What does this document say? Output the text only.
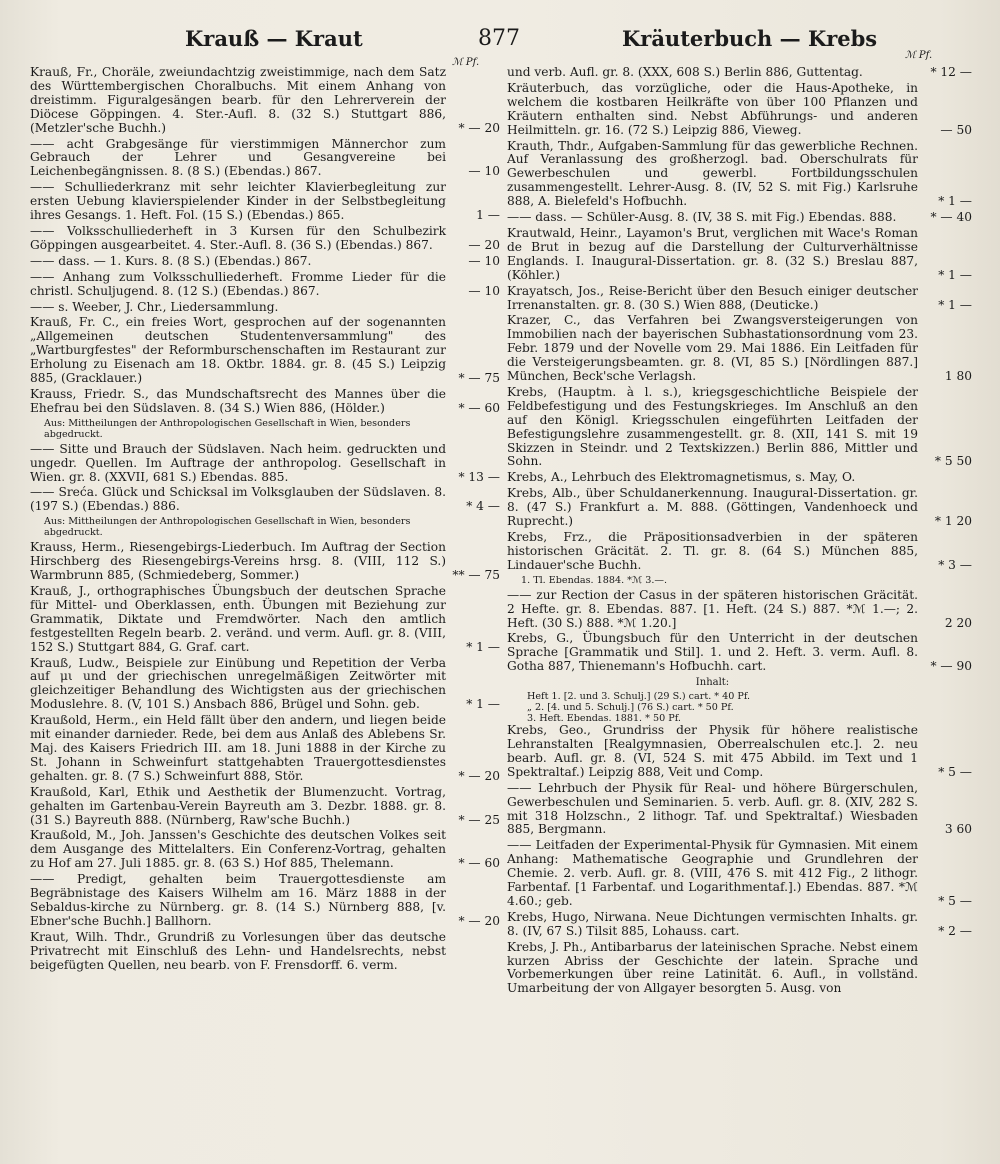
Krauß — Kraut	877	Kräuterbuch — Krebs
ℳ Pf.
ℳ Pf.
Krauß, Fr., Choräle, zweiundachtzig zweistimmige, nach dem Satz des Württembergischen Choralbuchs. Mit einem Anhang von dreistimm. Figuralgesängen bearb. für den Lehrerverein der Diöcese Göppingen. 4. Ster.-Aufl. 8. (32 S.) Stuttgart 886, (Metzler'sche Buchh.)	* — 20
—— acht Grabgesänge für vierstimmigen Männerchor zum Gebrauch der Lehrer und Gesangvereine bei Leichenbegängnissen. 8. (8 S.) (Ebendas.) 867.	— 10
—— Schulliederkranz mit sehr leichter Klavierbegleitung zur ersten Uebung klavierspielender Kinder in der Selbstbegleitung ihres Gesangs. 1. Heft. Fol. (15 S.) (Ebendas.) 865.	1 —
—— Volksschulliederheft in 3 Kursen für den Schulbezirk Göppingen ausgearbeitet. 4. Ster.-Aufl. 8. (36 S.) (Ebendas.) 867.	— 20
—— dass. — 1. Kurs. 8. (8 S.) (Ebendas.) 867.	— 10
—— Anhang zum Volksschulliederheft. Fromme Lieder für die christl. Schuljugend. 8. (12 S.) (Ebendas.) 867.	— 10
—— s. Weeber, J. Chr., Liedersammlung.
Krauß, Fr. C., ein freies Wort, gesprochen auf der sogenannten „Allgemeinen deutschen Studentenversammlung" des „Wartburgfestes" der Reformburschenschaften im Restaurant zur Erholung zu Eisenach am 18. Oktbr. 1884. gr. 8. (45 S.) Leipzig 885, (Gracklauer.)	* — 75
Krauss, Friedr. S., das Mundschaftsrecht des Mannes über die Ehefrau bei den Südslaven. 8. (34 S.) Wien 886, (Hölder.)	* — 60
Aus: Mittheilungen der Anthropologischen Gesellschaft in Wien, besonders abgedruckt.
—— Sitte und Brauch der Südslaven. Nach heim. gedruckten und ungedr. Quellen. Im Auftrage der anthropolog. Gesellschaft in Wien. gr. 8. (XXVII, 681 S.) Ebendas. 885.	* 13 —
—— Sreća. Glück und Schicksal im Volksglauben der Südslaven. 8. (197 S.) (Ebendas.) 886.	* 4 —
Aus: Mittheilungen der Anthropologischen Gesellschaft in Wien, besonders abgedruckt.
Krauss, Herm., Riesengebirgs-Liederbuch. Im Auftrag der Section Hirschberg des Riesengebirgs-Vereins hrsg. 8. (VIII, 112 S.) Warmbrunn 885, (Schmiedeberg, Sommer.)	** — 75
Krauß, J., orthographisches Übungsbuch der deutschen Sprache für Mittel- und Oberklassen, enth. Übungen mit Beziehung zur Grammatik, Diktate und Fremdwörter. Nach den amtlich festgestellten Regeln bearb. 2. veränd. und verm. Aufl. gr. 8. (VIII, 152 S.) Stuttgart 884, G. Graf. cart.	* 1 —
Krauß, Ludw., Beispiele zur Einübung und Repetition der Verba auf μι und der griechischen unregelmäßigen Zeitwörter mit gleichzeitiger Behandlung des Wichtigsten aus der griechischen Moduslehre. 8. (V, 101 S.) Ansbach 886, Brügel und Sohn. geb.	* 1 —
Kraußold, Herm., ein Held fällt über den andern, und liegen beide mit einander darnieder. Rede, bei dem aus Anlaß des Ablebens Sr. Maj. des Kaisers Friedrich III. am 18. Juni 1888 in der Kirche zu St. Johann in Schweinfurt stattgehabten Trauergottesdienstes gehalten. gr. 8. (7 S.) Schweinfurt 888, Stör.	* — 20
Kraußold, Karl, Ethik und Aesthetik der Blumenzucht. Vortrag, gehalten im Gartenbau-Verein Bayreuth am 3. Dezbr. 1888. gr. 8. (31 S.) Bayreuth 888. (Nürnberg, Raw'sche Buchh.)	* — 25
Kraußold, M., Joh. Janssen's Geschichte des deutschen Volkes seit dem Ausgange des Mittelalters. Ein Conferenz-Vortrag, gehalten zu Hof am 27. Juli 1885. gr. 8. (63 S.) Hof 885, Thelemann.	* — 60
—— Predigt, gehalten beim Trauergottesdienste am Begräbnistage des Kaisers Wilhelm am 16. März 1888 in der Sebaldus-kirche zu Nürnberg. gr. 8. (14 S.) Nürnberg 888, [v. Ebner'sche Buchh.] Ballhorn.	* — 20
Kraut, Wilh. Thdr., Grundriß zu Vorlesungen über das deutsche Privatrecht mit Einschluß des Lehn- und Handelsrechts, nebst beigefügten Quellen, neu bearb. von F. Frensdorff. 6. verm.
und verb. Aufl. gr. 8. (XXX, 608 S.) Berlin 886, Guttentag.	* 12 —
Kräuterbuch, das vorzügliche, oder die Haus-Apotheke, in welchem die kostbaren Heilkräfte von über 100 Pflanzen und Kräutern enthalten sind. Nebst Abführungs- und anderen Heilmitteln. gr. 16. (72 S.) Leipzig 886, Vieweg.	— 50
Krauth, Thdr., Aufgaben-Sammlung für das gewerbliche Rechnen. Auf Veranlassung des großherzogl. bad. Oberschulrats für Gewerbeschulen und gewerbl. Fortbildungsschulen zusammengestellt. Lehrer-Ausg. 8. (IV, 52 S. mit Fig.) Karlsruhe 888, A. Bielefeld's Hofbuchh.	* 1 —
—— dass. — Schüler-Ausg. 8. (IV, 38 S. mit Fig.) Ebendas. 888.	* — 40
Krautwald, Heinr., Layamon's Brut, verglichen mit Wace's Roman de Brut in bezug auf die Darstellung der Culturverhältnisse Englands. I. Inaugural-Dissertation. gr. 8. (32 S.) Breslau 887, (Köhler.)	* 1 —
Krayatsch, Jos., Reise-Bericht über den Besuch einiger deutscher Irrenanstalten. gr. 8. (30 S.) Wien 888, (Deuticke.)	* 1 —
Krazer, C., das Verfahren bei Zwangsversteigerungen von Immobilien nach der bayerischen Subhastationsordnung vom 23. Febr. 1879 und der Novelle vom 29. Mai 1886. Ein Leitfaden für die Versteigerungsbeamten. gr. 8. (VI, 85 S.) [Nördlingen 887.] München, Beck'sche Verlagsh.	1 80
Krebs, (Hauptm. à l. s.), kriegsgeschichtliche Beispiele der Feldbefestigung und des Festungskrieges. Im Anschluß an den auf den Königl. Kriegsschulen eingeführten Leitfaden der Befestigungslehre zusammengestellt. gr. 8. (XII, 141 S. mit 19 Skizzen in Steindr. und 2 Textskizzen.) Berlin 886, Mittler und Sohn.	* 5 50
Krebs, A., Lehrbuch des Elektromagnetismus, s. May, O.
Krebs, Alb., über Schuldanerkennung. Inaugural-Dissertation. gr. 8. (47 S.) Frankfurt a. M. 888. (Göttingen, Vandenhoeck und Ruprecht.)	* 1 20
Krebs, Frz., die Präpositionsadverbien in der späteren historischen Gräcität. 2. Tl. gr. 8. (64 S.) München 885, Lindauer'sche Buchh.	* 3 —
1. Tl. Ebendas. 1884. *ℳ 3.—.
—— zur Rection der Casus in der späteren historischen Gräcität. 2 Hefte. gr. 8. Ebendas. 887. [1. Heft. (24 S.) 887. *ℳ 1.—; 2. Heft. (30 S.) 888. *ℳ 1.20.]	2 20
Krebs, G., Übungsbuch für den Unterricht in der deutschen Sprache [Grammatik und Stil]. 1. und 2. Heft. 3. verm. Aufl. 8. Gotha 887, Thienemann's Hofbuchh. cart.	* — 90
Inhalt:
Heft 1. [2. und 3. Schulj.] (29 S.) cart. * 40 Pf.
„ 2. [4. und 5. Schulj.] (76 S.) cart. * 50 Pf.
3. Heft. Ebendas. 1881. * 50 Pf.
Krebs, Geo., Grundriss der Physik für höhere realistische Lehranstalten [Realgymnasien, Oberrealschulen etc.]. 2. neu bearb. Aufl. gr. 8. (VI, 524 S. mit 475 Abbild. im Text und 1 Spektraltaf.) Leipzig 888, Veit und Comp.	* 5 —
—— Lehrbuch der Physik für Real- und höhere Bürgerschulen, Gewerbeschulen und Seminarien. 5. verb. Aufl. gr. 8. (XIV, 282 S. mit 318 Holzschn., 2 lithogr. Taf. und Spektraltaf.) Wiesbaden 885, Bergmann.	3 60
—— Leitfaden der Experimental-Physik für Gymnasien. Mit einem Anhang: Mathematische Geographie und Grundlehren der Chemie. 2. verb. Aufl. gr. 8. (VIII, 476 S. mit 412 Fig., 2 lithogr. Farbentaf. [1 Farbentaf. und Logarithmentaf.].) Ebendas. 887. *ℳ 4.60.; geb.	* 5 —
Krebs, Hugo, Nirwana. Neue Dichtungen vermischten Inhalts. gr. 8. (IV, 67 S.) Tilsit 885, Lohauss. cart.	* 2 —
Krebs, J. Ph., Antibarbarus der lateinischen Sprache. Nebst einem kurzen Abriss der Geschichte der latein. Sprache und Vorbemerkungen über reine Latinität. 6. Aufl., in vollständ. Umarbeitung der von Allgayer besorgten 5. Ausg. von
